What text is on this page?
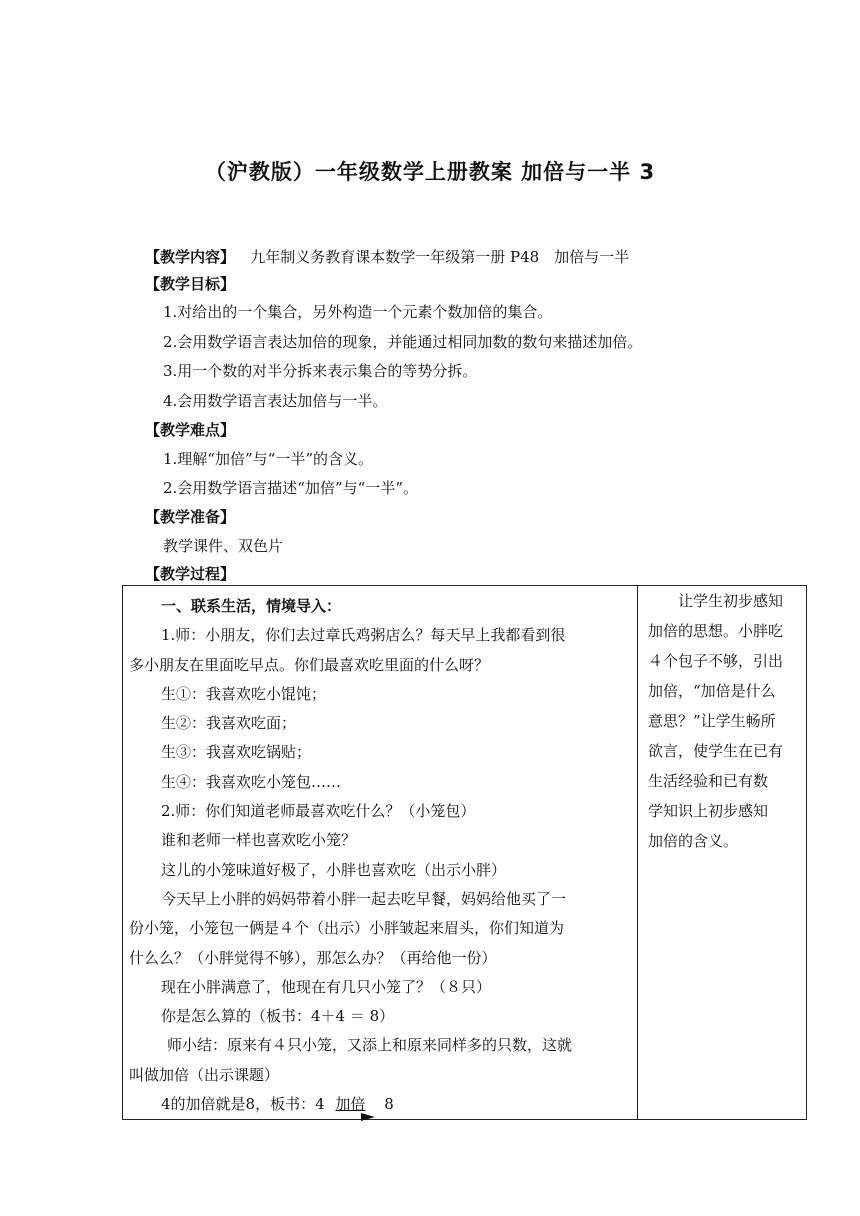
（沪教版）一年级数学上册教案 加倍与一半 3
【教学内容】 九年制义务教育课本数学一年级第一册 P48　加倍与一半
【教学目标】
1.对给出的一个集合，另外构造一个元素个数加倍的集合。
2.会用数学语言表达加倍的现象，并能通过相同加数的数句来描述加倍。
3.用一个数的对半分拆来表示集合的等势分拆。
4.会用数学语言表达加倍与一半。
【教学难点】
1.理解“加倍”与“一半”的含义。
2.会用数学语言描述“加倍”与“一半”。
【教学准备】
教学课件、双色片
【教学过程】
一、联系生活，情境导入：
1.师：小朋友，你们去过章氏鸡粥店么？每天早上我都看到很
多小朋友在里面吃早点。你们最喜欢吃里面的什么呀？
生①：我喜欢吃小馄饨；
生②：我喜欢吃面；
生③：我喜欢吃锅贴；
生④：我喜欢吃小笼包……
2.师：你们知道老师最喜欢吃什么？（小笼包）
谁和老师一样也喜欢吃小笼？
这儿的小笼味道好极了，小胖也喜欢吃（出示小胖）
今天早上小胖的妈妈带着小胖一起去吃早餐，妈妈给他买了一
份小笼，小笼包一俩是４个（出示）小胖皱起来眉头，你们知道为
什么么？（小胖觉得不够），那怎么办？（再给他一份）
现在小胖满意了，他现在有几只小笼了？（８只）
你是怎么算的（板书：4＋4 ＝ 8）
师小结：原来有４只小笼，又添上和原来同样多的只数，这就
叫做加倍（出示课题）
4的加倍就是8，板书：4 加倍 8

让学生初步感知
加倍的思想。小胖吃
４个包子不够，引出
加倍，“加倍是什么
意思？”让学生畅所
欲言，使学生在已有
生活经验和已有数
学知识上初步感知
加倍的含义。
